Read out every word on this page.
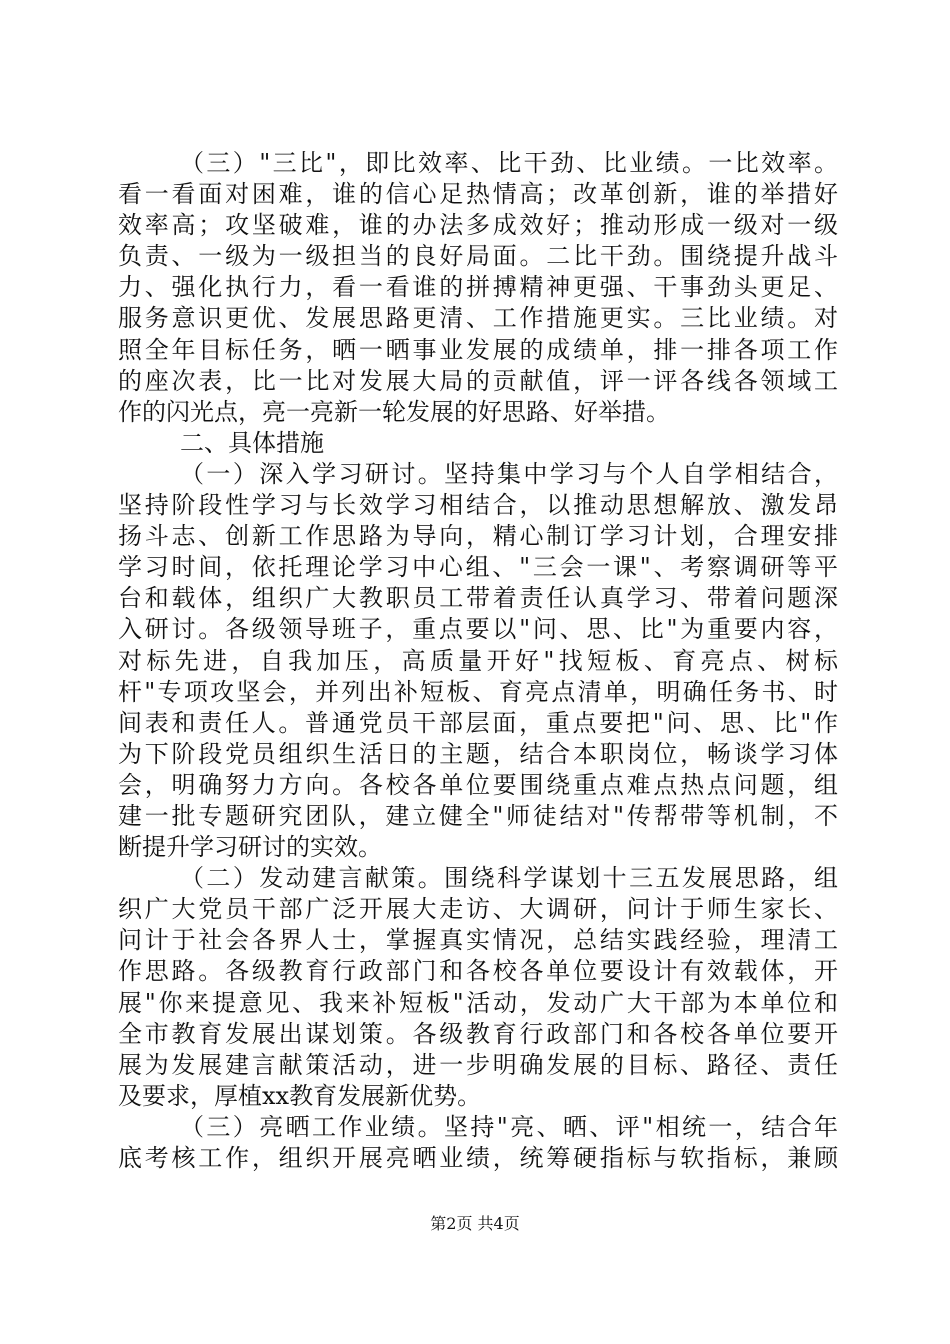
（三）"三比"，即比效率、比干劲、比业绩。一比效率。
看一看面对困难，谁的信心足热情高；改革创新，谁的举措好
效率高；攻坚破难，谁的办法多成效好；推动形成一级对一级
负责、一级为一级担当的良好局面。二比干劲。围绕提升战斗
力、强化执行力，看一看谁的拼搏精神更强、干事劲头更足、
服务意识更优、发展思路更清、工作措施更实。三比业绩。对
照全年目标任务，晒一晒事业发展的成绩单，排一排各项工作
的座次表，比一比对发展大局的贡献值，评一评各线各领域工
作的闪光点，亮一亮新一轮发展的好思路、好举措。
二、具体措施
（一）深入学习研讨。坚持集中学习与个人自学相结合，
坚持阶段性学习与长效学习相结合，以推动思想解放、激发昂
扬斗志、创新工作思路为导向，精心制订学习计划，合理安排
学习时间，依托理论学习中心组、"三会一课"、考察调研等平
台和载体，组织广大教职员工带着责任认真学习、带着问题深
入研讨。各级领导班子，重点要以"问、思、比"为重要内容，
对标先进，自我加压，高质量开好"找短板、育亮点、树标
杆"专项攻坚会，并列出补短板、育亮点清单，明确任务书、时
间表和责任人。普通党员干部层面，重点要把"问、思、比"作
为下阶段党员组织生活日的主题，结合本职岗位，畅谈学习体
会，明确努力方向。各校各单位要围绕重点难点热点问题，组
建一批专题研究团队，建立健全"师徒结对"传帮带等机制，不
断提升学习研讨的实效。
（二）发动建言献策。围绕科学谋划十三五发展思路，组
织广大党员干部广泛开展大走访、大调研，问计于师生家长、
问计于社会各界人士，掌握真实情况，总结实践经验，理清工
作思路。各级教育行政部门和各校各单位要设计有效载体，开
展"你来提意见、我来补短板"活动，发动广大干部为本单位和
全市教育发展出谋划策。各级教育行政部门和各校各单位要开
展为发展建言献策活动，进一步明确发展的目标、路径、责任
及要求，厚植xx教育发展新优势。
（三）亮晒工作业绩。坚持"亮、晒、评"相统一，结合年
底考核工作，组织开展亮晒业绩，统筹硬指标与软指标，兼顾
第2页 共4页
